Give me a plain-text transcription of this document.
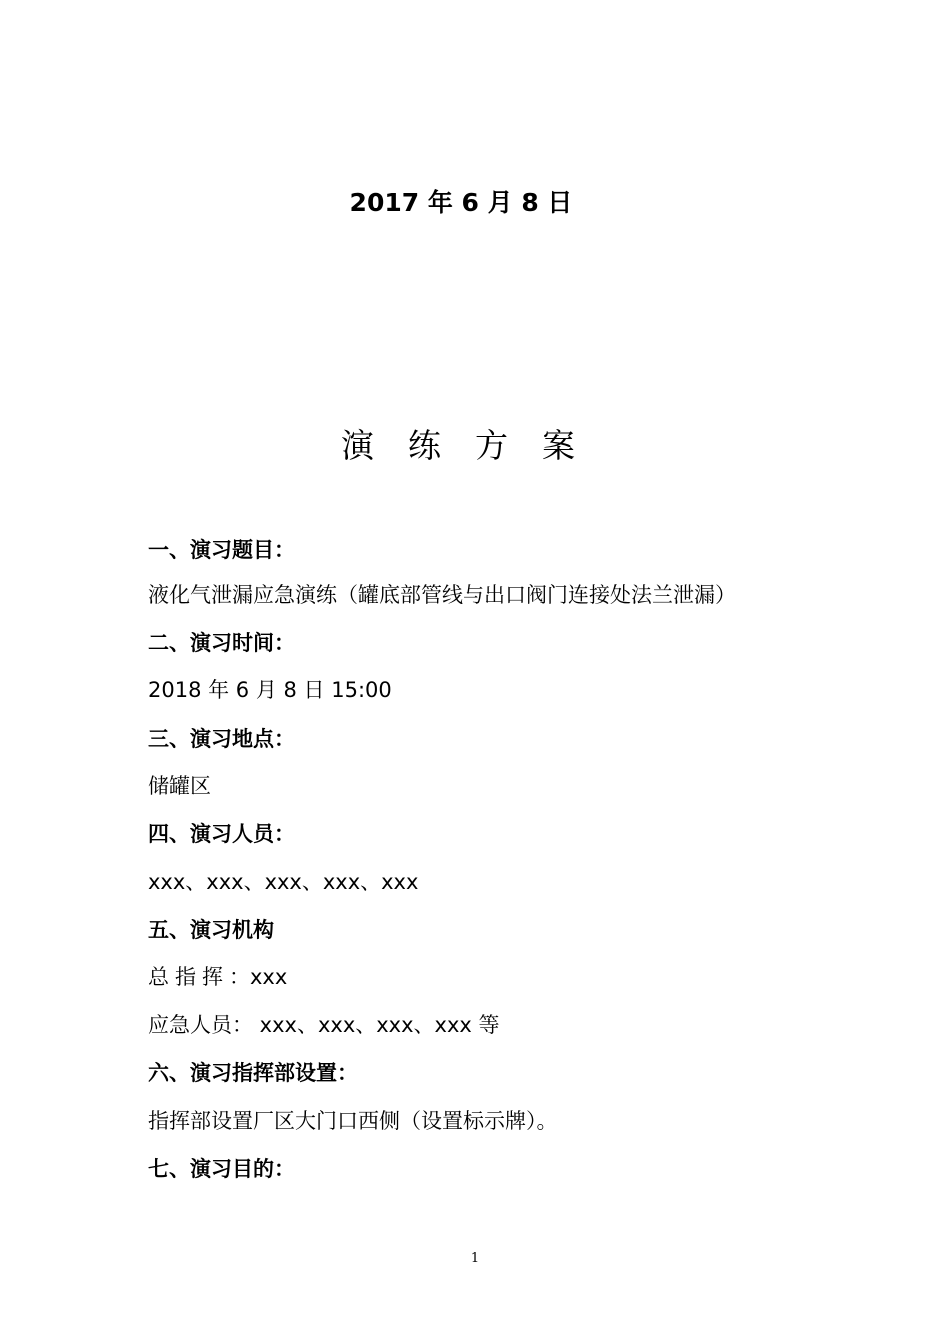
2017 年 6 月 8 日
演练方案
一、演习题目：
液化气泄漏应急演练（罐底部管线与出口阀门连接处法兰泄漏）
二、演习时间：
2018 年 6 月 8 日 15:00
三、演习地点：
储罐区
四、演习人员：
xxx、xxx、xxx、xxx、xxx
五、演习机构
总指挥：xxx
应急人员： xxx、xxx、xxx、xxx 等
六、演习指挥部设置：
指挥部设置厂区大门口西侧（设置标示牌）。
七、演习目的：
1
